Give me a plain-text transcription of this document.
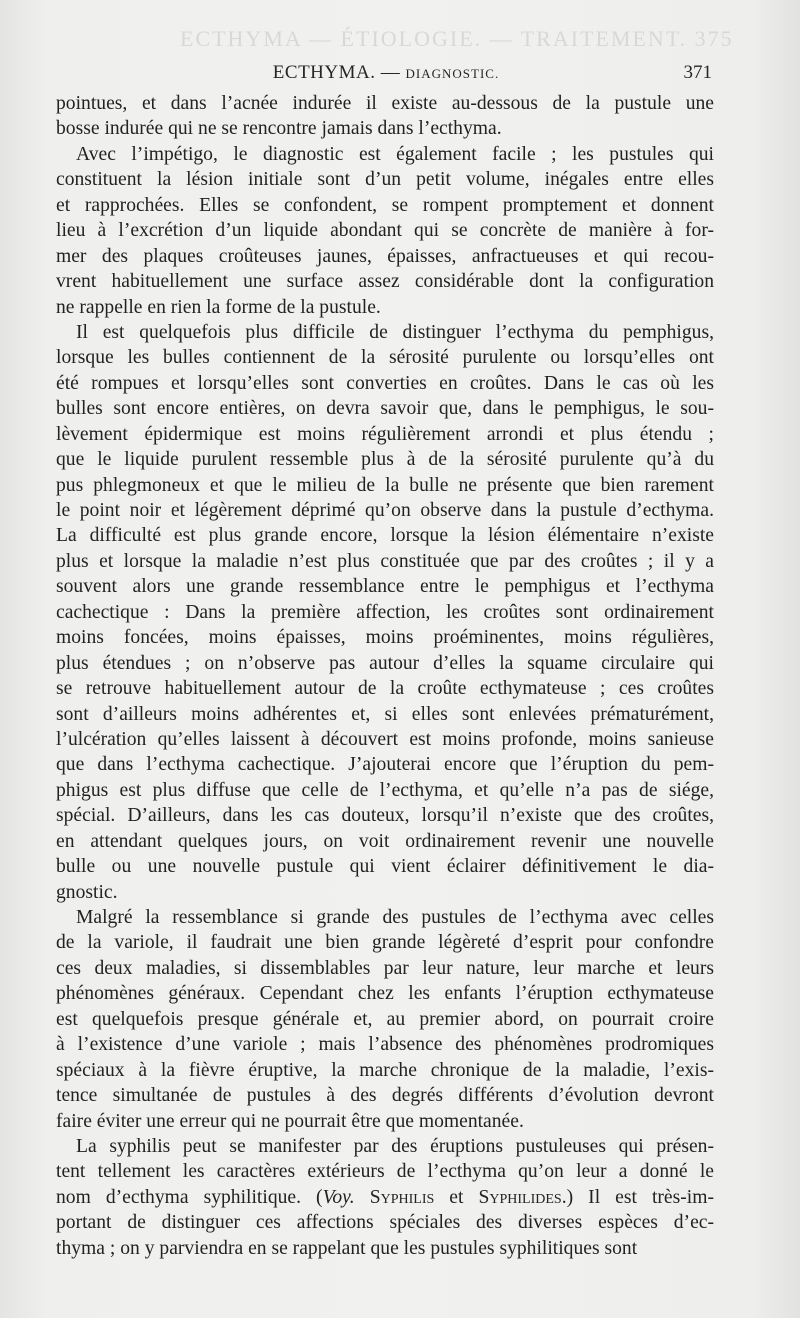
ECTHYMA — ÉTIOLOGIE. — TRAITEMENT. 375
ECTHYMA. — DIAGNOSTIC.	371
pointues, et dans l’acnée indurée il existe au-dessous de la pustule une
bosse indurée qui ne se rencontre jamais dans l’ecthyma.
Avec l’impétigo, le diagnostic est également facile ; les pustules qui
constituent la lésion initiale sont d’un petit volume, inégales entre elles
et rapprochées. Elles se confondent, se rompent promptement et donnent
lieu à l’excrétion d’un liquide abondant qui se concrète de manière à for-
mer des plaques croûteuses jaunes, épaisses, anfractueuses et qui recou-
vrent habituellement une surface assez considérable dont la configuration
ne rappelle en rien la forme de la pustule.
Il est quelquefois plus difficile de distinguer l’ecthyma du pemphigus,
lorsque les bulles contiennent de la sérosité purulente ou lorsqu’elles ont
été rompues et lorsqu’elles sont converties en croûtes. Dans le cas où les
bulles sont encore entières, on devra savoir que, dans le pemphigus, le sou-
lèvement épidermique est moins régulièrement arrondi et plus étendu ;
que le liquide purulent ressemble plus à de la sérosité purulente qu’à du
pus phlegmoneux et que le milieu de la bulle ne présente que bien rarement
le point noir et légèrement déprimé qu’on observe dans la pustule d’ecthyma.
La difficulté est plus grande encore, lorsque la lésion élémentaire n’existe
plus et lorsque la maladie n’est plus constituée que par des croûtes ; il y a
souvent alors une grande ressemblance entre le pemphigus et l’ecthyma
cachectique : Dans la première affection, les croûtes sont ordinairement
moins foncées, moins épaisses, moins proéminentes, moins régulières,
plus étendues ; on n’observe pas autour d’elles la squame circulaire qui
se retrouve habituellement autour de la croûte ecthymateuse ; ces croûtes
sont d’ailleurs moins adhérentes et, si elles sont enlevées prématurément,
l’ulcération qu’elles laissent à découvert est moins profonde, moins sanieuse
que dans l’ecthyma cachectique. J’ajouterai encore que l’éruption du pem-
phigus est plus diffuse que celle de l’ecthyma, et qu’elle n’a pas de siége,
spécial. D’ailleurs, dans les cas douteux, lorsqu’il n’existe que des croûtes,
en attendant quelques jours, on voit ordinairement revenir une nouvelle
bulle ou une nouvelle pustule qui vient éclairer définitivement le dia-
gnostic.
Malgré la ressemblance si grande des pustules de l’ecthyma avec celles
de la variole, il faudrait une bien grande légèreté d’esprit pour confondre
ces deux maladies, si dissemblables par leur nature, leur marche et leurs
phénomènes généraux. Cependant chez les enfants l’éruption ecthymateuse
est quelquefois presque générale et, au premier abord, on pourrait croire
à l’existence d’une variole ; mais l’absence des phénomènes prodromiques
spéciaux à la fièvre éruptive, la marche chronique de la maladie, l’exis-
tence simultanée de pustules à des degrés différents d’évolution devront
faire éviter une erreur qui ne pourrait être que momentanée.
La syphilis peut se manifester par des éruptions pustuleuses qui présen-
tent tellement les caractères extérieurs de l’ecthyma qu’on leur a donné le
nom d’ecthyma syphilitique. (Voy. Syphilis et Syphilides.) Il est très-im-
portant de distinguer ces affections spéciales des diverses espèces d’ec-
thyma ; on y parviendra en se rappelant que les pustules syphilitiques sont
